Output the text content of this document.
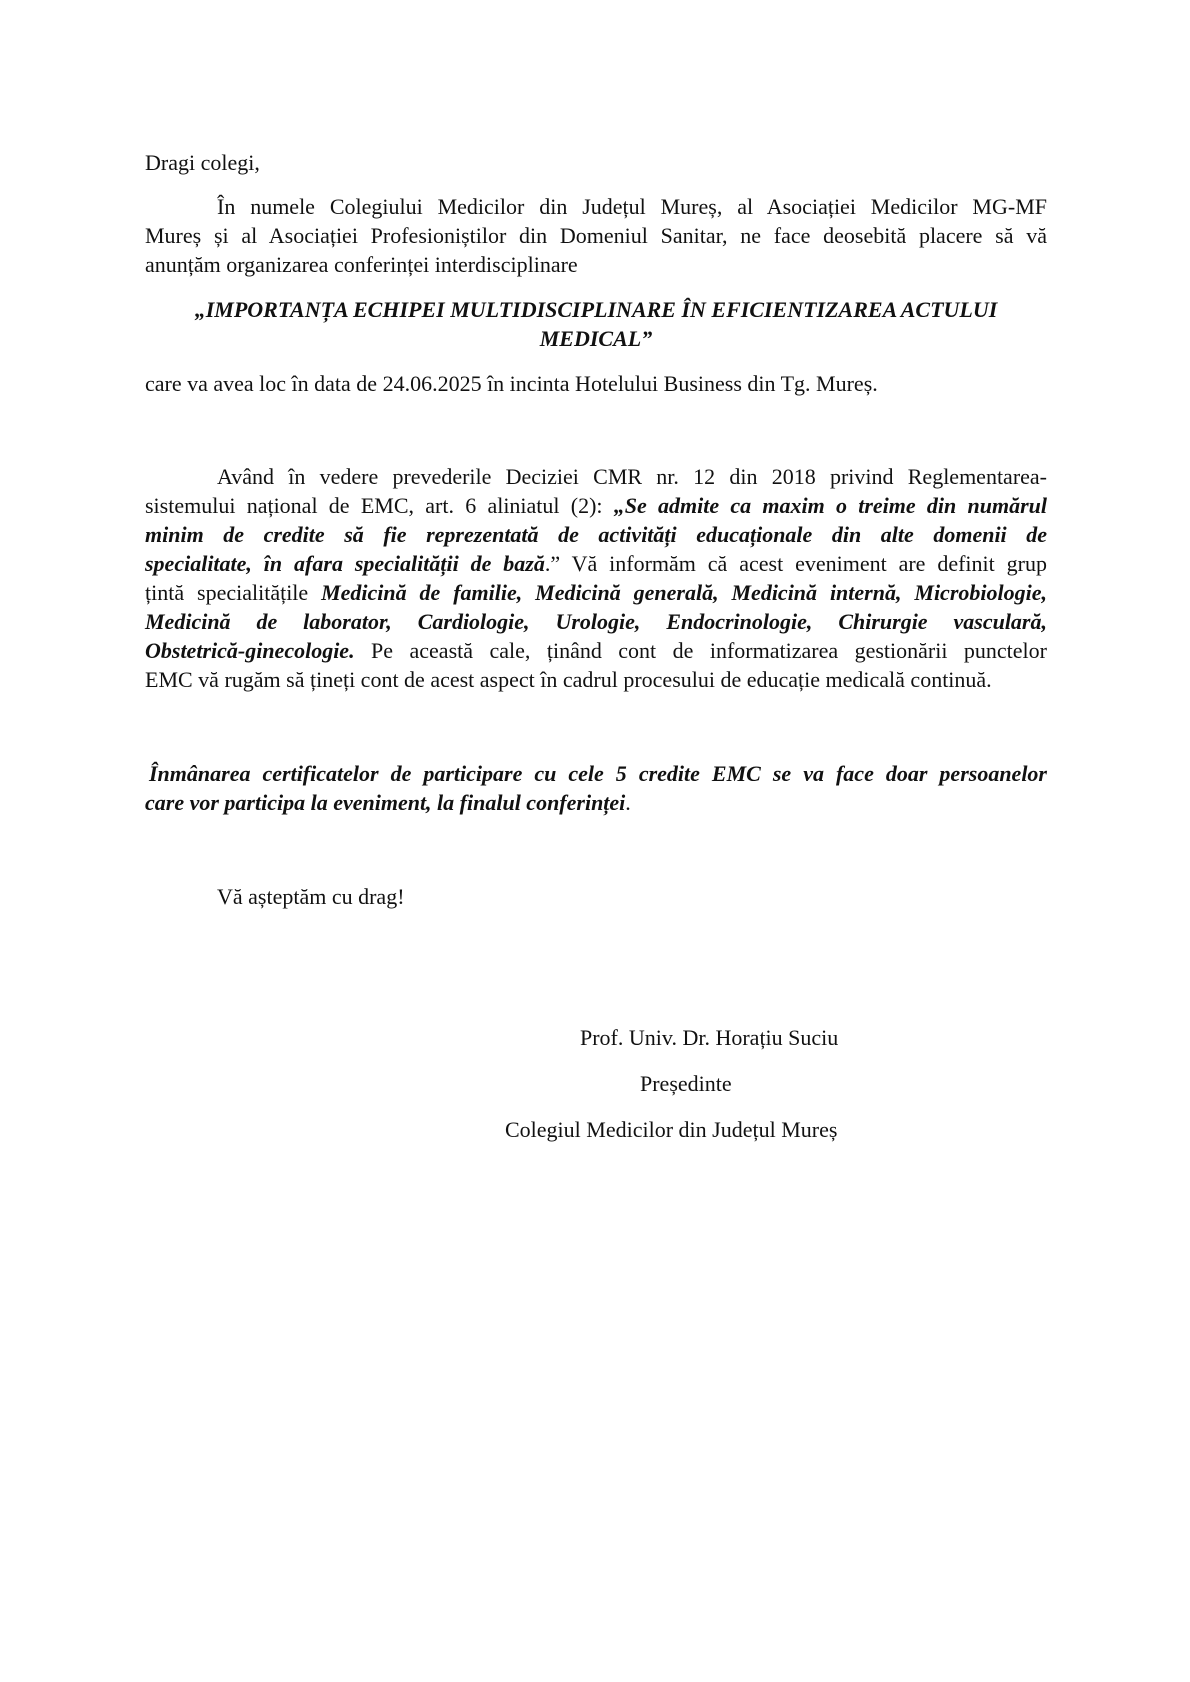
Dragi colegi,
În numele Colegiului Medicilor din Județul Mureș, al Asociației Medicilor MG-MF
Mureș și al Asociației Profesioniștilor din Domeniul Sanitar, ne face deosebită placere să vă
anunțăm organizarea conferinței interdisciplinare
„IMPORTANȚA ECHIPEI MULTIDISCIPLINARE ÎN EFICIENTIZAREA ACTULUI
MEDICAL”
care va avea loc în data de 24.06.2025 în incinta Hotelului Business din Tg. Mureș.
Având în vedere prevederile Deciziei CMR nr. 12 din 2018 privind Reglementarea-
sistemului național de EMC, art. 6 aliniatul (2): „Se admite ca maxim o treime din numărul
minim de credite să fie reprezentată de activități educaționale din alte domenii de
specialitate, în afara specialității de bază.” Vă informăm că acest eveniment are definit grup
țintă specialitățile Medicină de familie, Medicină generală, Medicină internă, Microbiologie,
Medicină de laborator, Cardiologie, Urologie, Endocrinologie, Chirurgie vasculară,
Obstetrică-ginecologie. Pe această cale, ținând cont de informatizarea gestionării punctelor
EMC vă rugăm să țineți cont de acest aspect în cadrul procesului de educație medicală continuă.
Înmânarea certificatelor de participare cu cele 5 credite EMC se va face doar persoanelor
care vor participa la eveniment, la finalul conferinței.
Vă așteptăm cu drag!
Prof. Univ. Dr. Horațiu Suciu
Președinte
Colegiul Medicilor din Județul Mureș
